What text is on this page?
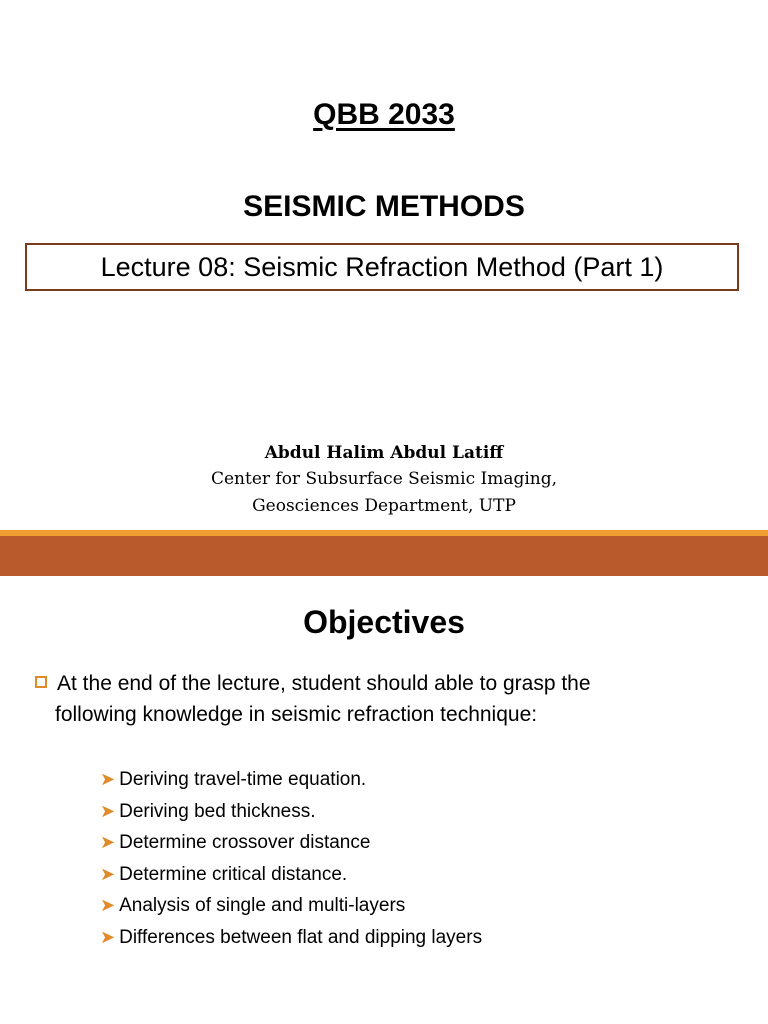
QBB 2033
SEISMIC METHODS
Lecture 08: Seismic Refraction Method (Part 1)
Abdul Halim Abdul Latiff
Center for Subsurface Seismic Imaging,
Geosciences Department, UTP
Objectives
At the end of the lecture, student should able to grasp the
following knowledge in seismic refraction technique:
➤ Deriving travel-time equation.
➤ Deriving bed thickness.
➤ Determine crossover distance
➤ Determine critical distance.
➤ Analysis of single and multi-layers
➤ Differences between flat and dipping layers
